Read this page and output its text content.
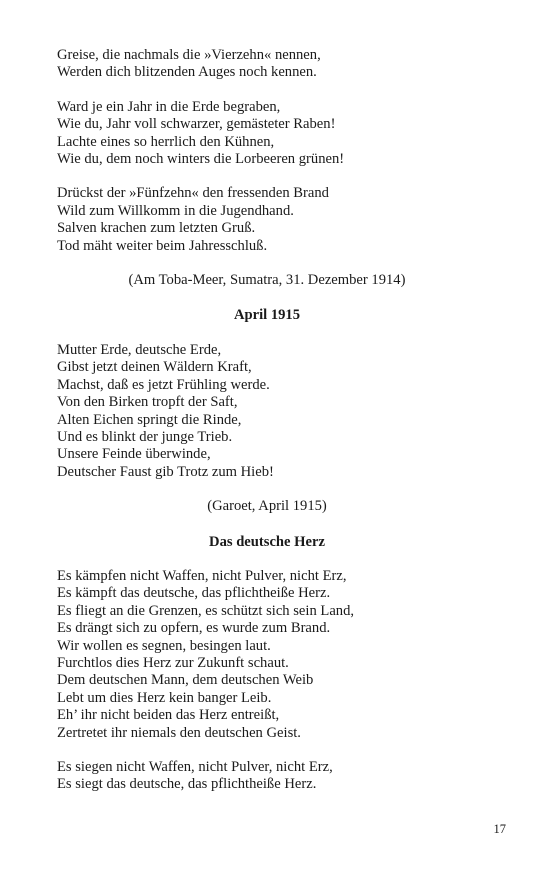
Greise, die nachmals die »Vierzehn« nennen,
Werden dich blitzenden Auges noch kennen.
Ward je ein Jahr in die Erde begraben,
Wie du, Jahr voll schwarzer, gemästeter Raben!
Lachte eines so herrlich den Kühnen,
Wie du, dem noch winters die Lorbeeren grünen!
Drückst der »Fünfzehn« den fressenden Brand
Wild zum Willkomm in die Jugendhand.
Salven krachen zum letzten Gruß.
Tod mäht weiter beim Jahresschluß.
(Am Toba-Meer, Sumatra, 31. Dezember 1914)
April 1915
Mutter Erde, deutsche Erde,
Gibst jetzt deinen Wäldern Kraft,
Machst, daß es jetzt Frühling werde.
Von den Birken tropft der Saft,
Alten Eichen springt die Rinde,
Und es blinkt der junge Trieb.
Unsere Feinde überwinde,
Deutscher Faust gib Trotz zum Hieb!
(Garoet, April 1915)
Das deutsche Herz
Es kämpfen nicht Waffen, nicht Pulver, nicht Erz,
Es kämpft das deutsche, das pflichtheiße Herz.
Es fliegt an die Grenzen, es schützt sich sein Land,
Es drängt sich zu opfern, es wurde zum Brand.
Wir wollen es segnen, besingen laut.
Furchtlos dies Herz zur Zukunft schaut.
Dem deutschen Mann, dem deutschen Weib
Lebt um dies Herz kein banger Leib.
Eh’ ihr nicht beiden das Herz entreißt,
Zertretet ihr niemals den deutschen Geist.
Es siegen nicht Waffen, nicht Pulver, nicht Erz,
Es siegt das deutsche, das pflichtheiße Herz.
17
